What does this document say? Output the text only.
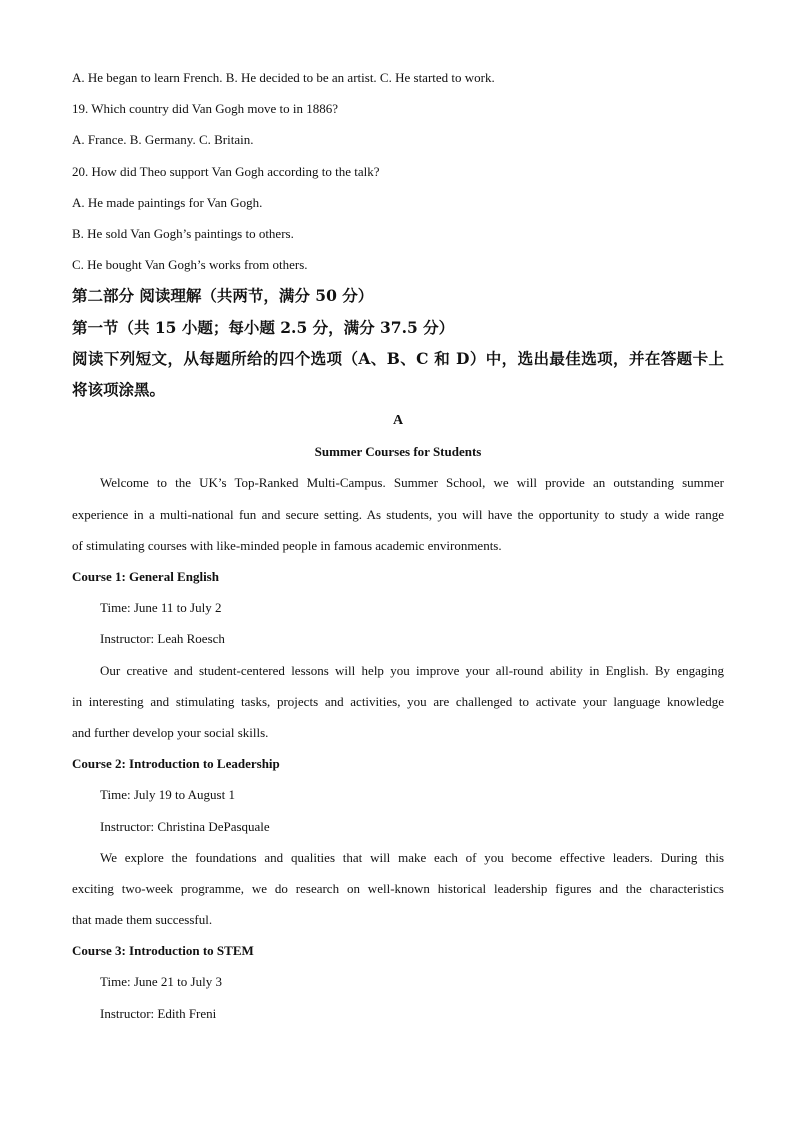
A. He began to learn French. B. He decided to be an artist. C. He started to work.
19. Which country did Van Gogh move to in 1886?
A. France. B. Germany. C. Britain.
20. How did Theo support Van Gogh according to the talk?
A. He made paintings for Van Gogh.
B. He sold Van Gogh’s paintings to others.
C. He bought Van Gogh’s works from others.
第二部分 阅读理解（共两节，满分 50 分）
第一节（共 15 小题；每小题 2.5 分，满分 37.5 分）
阅读下列短文，从每题所给的四个选项（A、B、C 和 D）中，选出最佳选项，并在答题卡上
将该项涂黑。
A
Summer Courses for Students
Welcome to the UK’s Top-Ranked Multi-Campus. Summer School, we will provide an outstanding summer
experience in a multi-national fun and secure setting. As students, you will have the opportunity to study a wide range
of stimulating courses with like-minded people in famous academic environments.
Course 1: General English
Time: June 11 to July 2
Instructor: Leah Roesch
Our creative and student-centered lessons will help you improve your all-round ability in English. By engaging
in interesting and stimulating tasks, projects and activities, you are challenged to activate your language knowledge
and further develop your social skills.
Course 2: Introduction to Leadership
Time: July 19 to August 1
Instructor: Christina DePasquale
We explore the foundations and qualities that will make each of you become effective leaders. During this
exciting two-week programme, we do research on well-known historical leadership figures and the characteristics
that made them successful.
Course 3: Introduction to STEM
Time: June 21 to July 3
Instructor: Edith Freni
